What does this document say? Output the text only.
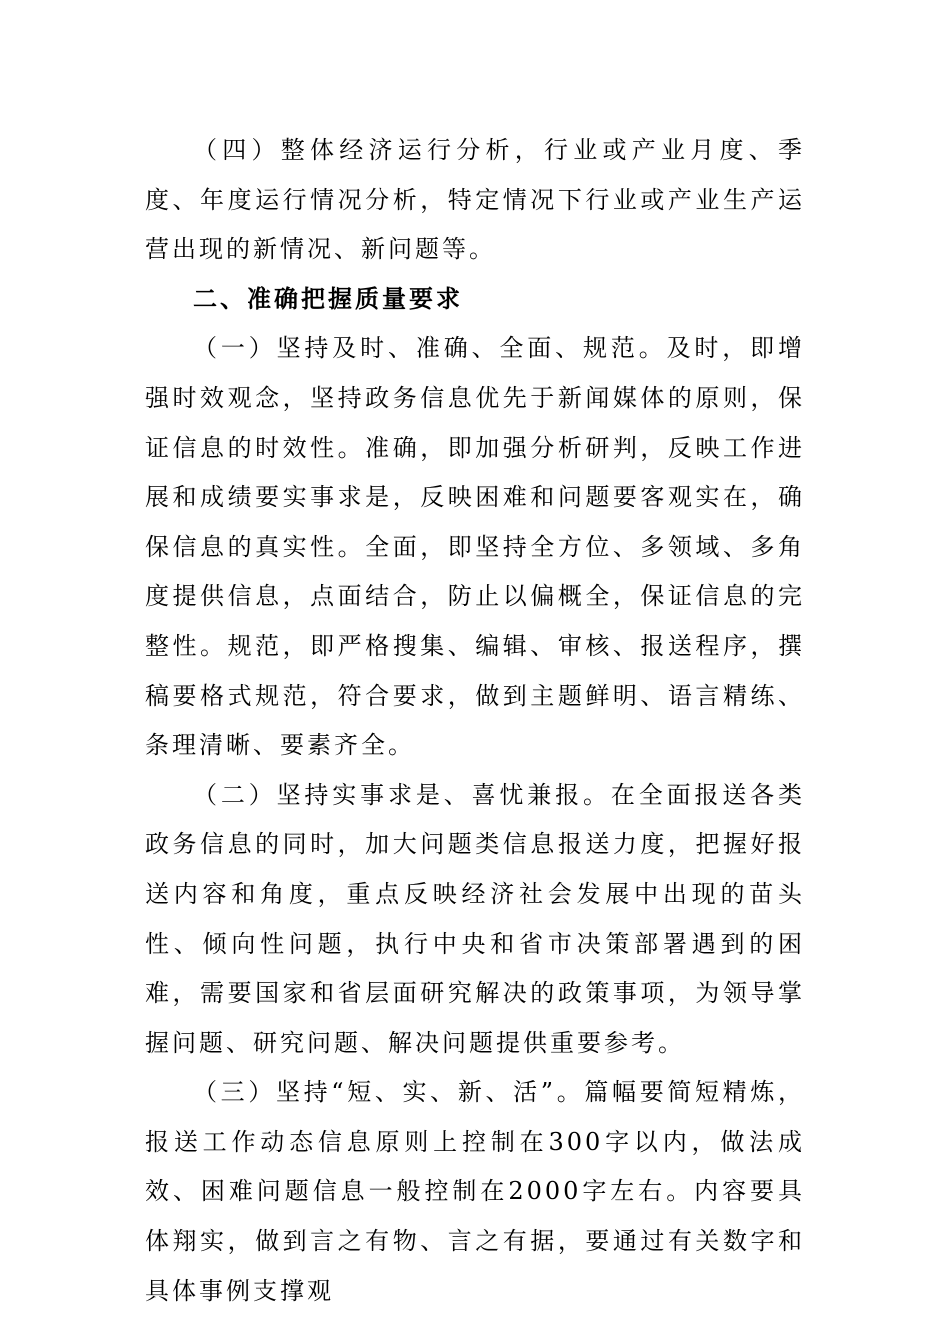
（四）整体经济运行分析，行业或产业月度、季度、年度运行情况分析，特定情况下行业或产业生产运营出现的新情况、新问题等。

二、准确把握质量要求

（一）坚持及时、准确、全面、规范。及时，即增强时效观念，坚持政务信息优先于新闻媒体的原则，保证信息的时效性。准确，即加强分析研判，反映工作进展和成绩要实事求是，反映困难和问题要客观实在，确保信息的真实性。全面，即坚持全方位、多领域、多角度提供信息，点面结合，防止以偏概全，保证信息的完整性。规范，即严格搜集、编辑、审核、报送程序，撰稿要格式规范，符合要求，做到主题鲜明、语言精练、条理清晰、要素齐全。

（二）坚持实事求是、喜忧兼报。在全面报送各类政务信息的同时，加大问题类信息报送力度，把握好报送内容和角度，重点反映经济社会发展中出现的苗头性、倾向性问题，执行中央和省市决策部署遇到的困难，需要国家和省层面研究解决的政策事项，为领导掌握问题、研究问题、解决问题提供重要参考。

（三）坚持“短、实、新、活”。篇幅要简短精炼，报送工作动态信息原则上控制在300字以内，做法成效、困难问题信息一般控制在2000字左右。内容要具体翔实，做到言之有物、言之有据，要通过有关数字和具体事例支撑观
